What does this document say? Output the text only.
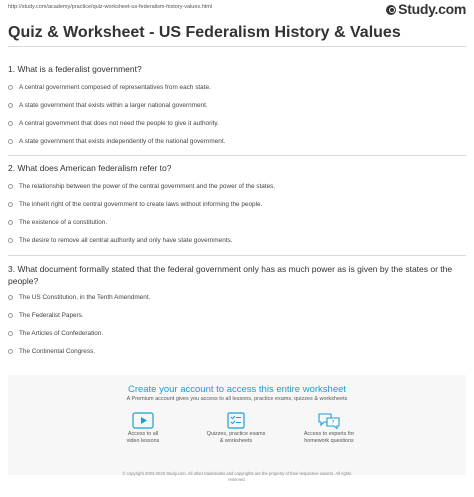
http://study.com/academy/practice/quiz-worksheet-us-federalism-history-values.html	Study.com
Quiz & Worksheet - US Federalism History & Values

1. What is a federalist government?

A central government composed of representatives from each state.
A state government that exists within a larger national government.
A central government that does not need the people to give it authority.
A state government that exists independently of the national government.

2. What does American federalism refer to?

The relationship between the power of the central government and the power of the states.
The inherit right of the central government to create laws without informing the people.
The existence of a constitution.
The desire to remove all central authority and only have state governments.

3. What document formally stated that the federal government only has as much power as is given by the states or the people?

The US Constitution, in the Tenth Amendment.
The Federalist Papers.
The Articles of Confederation.
The Continental Congress.
Create your account to access this entire worksheet
A Premium account gives you access to all lessons, practice exams, quizzes & worksheets
Access to all
video lessons
Quizzes, practice exams
& worksheets
?
Access to experts for
homework questions
© copyright 2003-2020 Study.com. All other trademarks and copyrights are the property of their respective owners. All rights
reserved.
